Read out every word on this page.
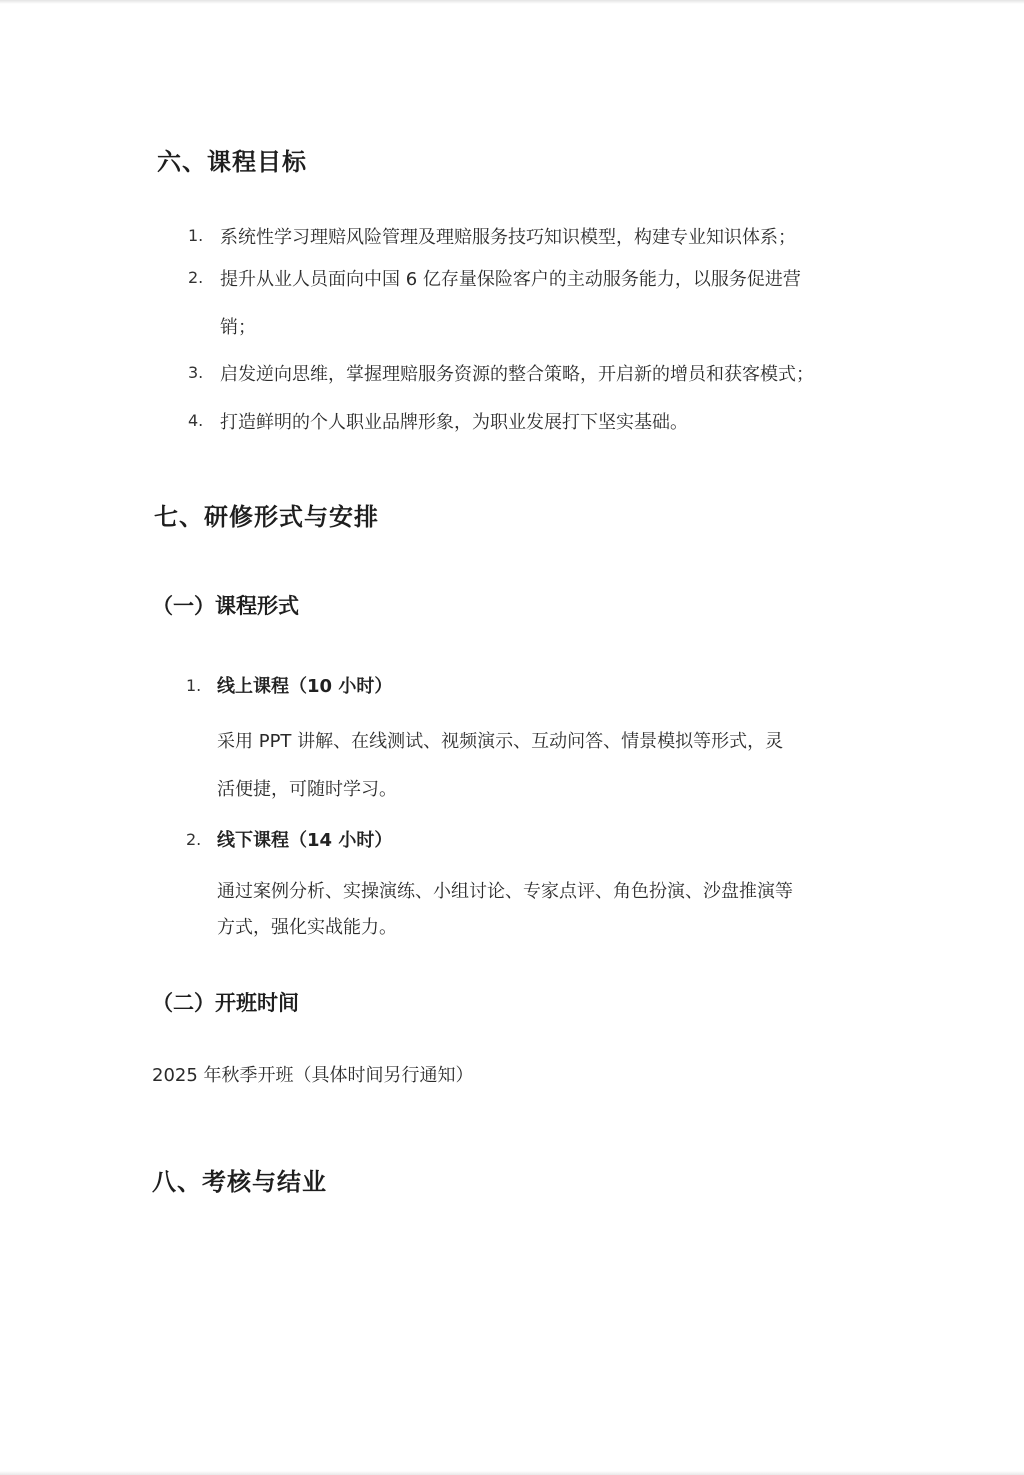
六、课程目标
1. 系统性学习理赔风险管理及理赔服务技巧知识模型，构建专业知识体系；
2. 提升从业人员面向中国 6 亿存量保险客户的主动服务能力，以服务促进营
销；
3. 启发逆向思维，掌握理赔服务资源的整合策略，开启新的增员和获客模式；
4. 打造鲜明的个人职业品牌形象，为职业发展打下坚实基础。
七、研修形式与安排
（一）课程形式
1. 线上课程（10 小时）
采用 PPT 讲解、在线测试、视频演示、互动问答、情景模拟等形式，灵
活便捷，可随时学习。
2. 线下课程（14 小时）
通过案例分析、实操演练、小组讨论、专家点评、角色扮演、沙盘推演等
方式，强化实战能力。
（二）开班时间
2025 年秋季开班（具体时间另行通知）
八、考核与结业
